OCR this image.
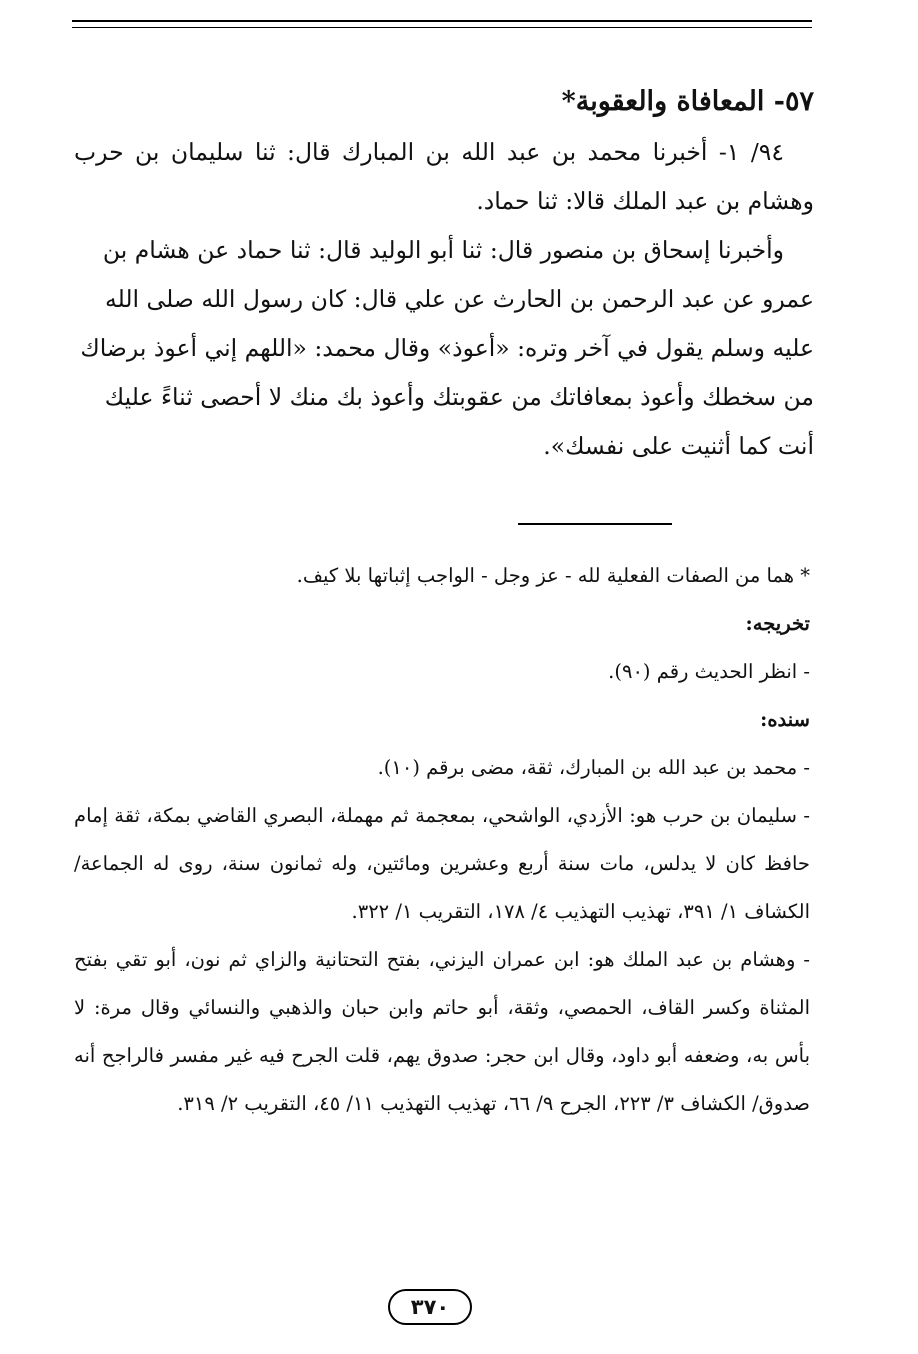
٥٧- المعافاة والعقوبة*

٩٤/ ١- أخبرنا محمد بن عبد الله بن المبارك قال: ثنا سليمان بن حرب وهشام بن عبد الملك قالا: ثنا حماد.

وأخبرنا إسحاق بن منصور قال: ثنا أبو الوليد قال: ثنا حماد عن هشام بن عمرو عن عبد الرحمن بن الحارث عن علي قال: كان رسول الله صلى الله عليه وسلم يقول في آخر وتره: «أعوذ» وقال محمد: «اللهم إني أعوذ برضاك من سخطك وأعوذ بمعافاتك من عقوبتك وأعوذ بك منك لا أحصى ثناءً عليك أنت كما أثنيت على نفسك».

* هما من الصفات الفعلية لله - عز وجل - الواجب إثباتها بلا كيف.

تخريجه:

- انظر الحديث رقم (٩٠).

سنده:

- محمد بن عبد الله بن المبارك، ثقة، مضى برقم (١٠).

- سليمان بن حرب هو: الأزدي، الواشحي، بمعجمة ثم مهملة، البصري القاضي بمكة، ثقة إمام حافظ كان لا يدلس، مات سنة أربع وعشرين ومائتين، وله ثمانون سنة، روى له الجماعة/ الكشاف ١/ ٣٩١، تهذيب التهذيب ٤/ ١٧٨، التقريب ١/ ٣٢٢.

- وهشام بن عبد الملك هو: ابن عمران اليزني، بفتح التحتانية والزاي ثم نون، أبو تقي بفتح المثناة وكسر القاف، الحمصي، وثقة، أبو حاتم وابن حبان والذهبي والنسائي وقال مرة: لا بأس به، وضعفه أبو داود، وقال ابن حجر: صدوق يهم، قلت الجرح فيه غير مفسر فالراجح أنه صدوق/ الكشاف ٣/ ٢٢٣، الجرح ٩/ ٦٦، تهذيب التهذيب ١١/ ٤٥، التقريب ٢/ ٣١٩.

٣٧٠
